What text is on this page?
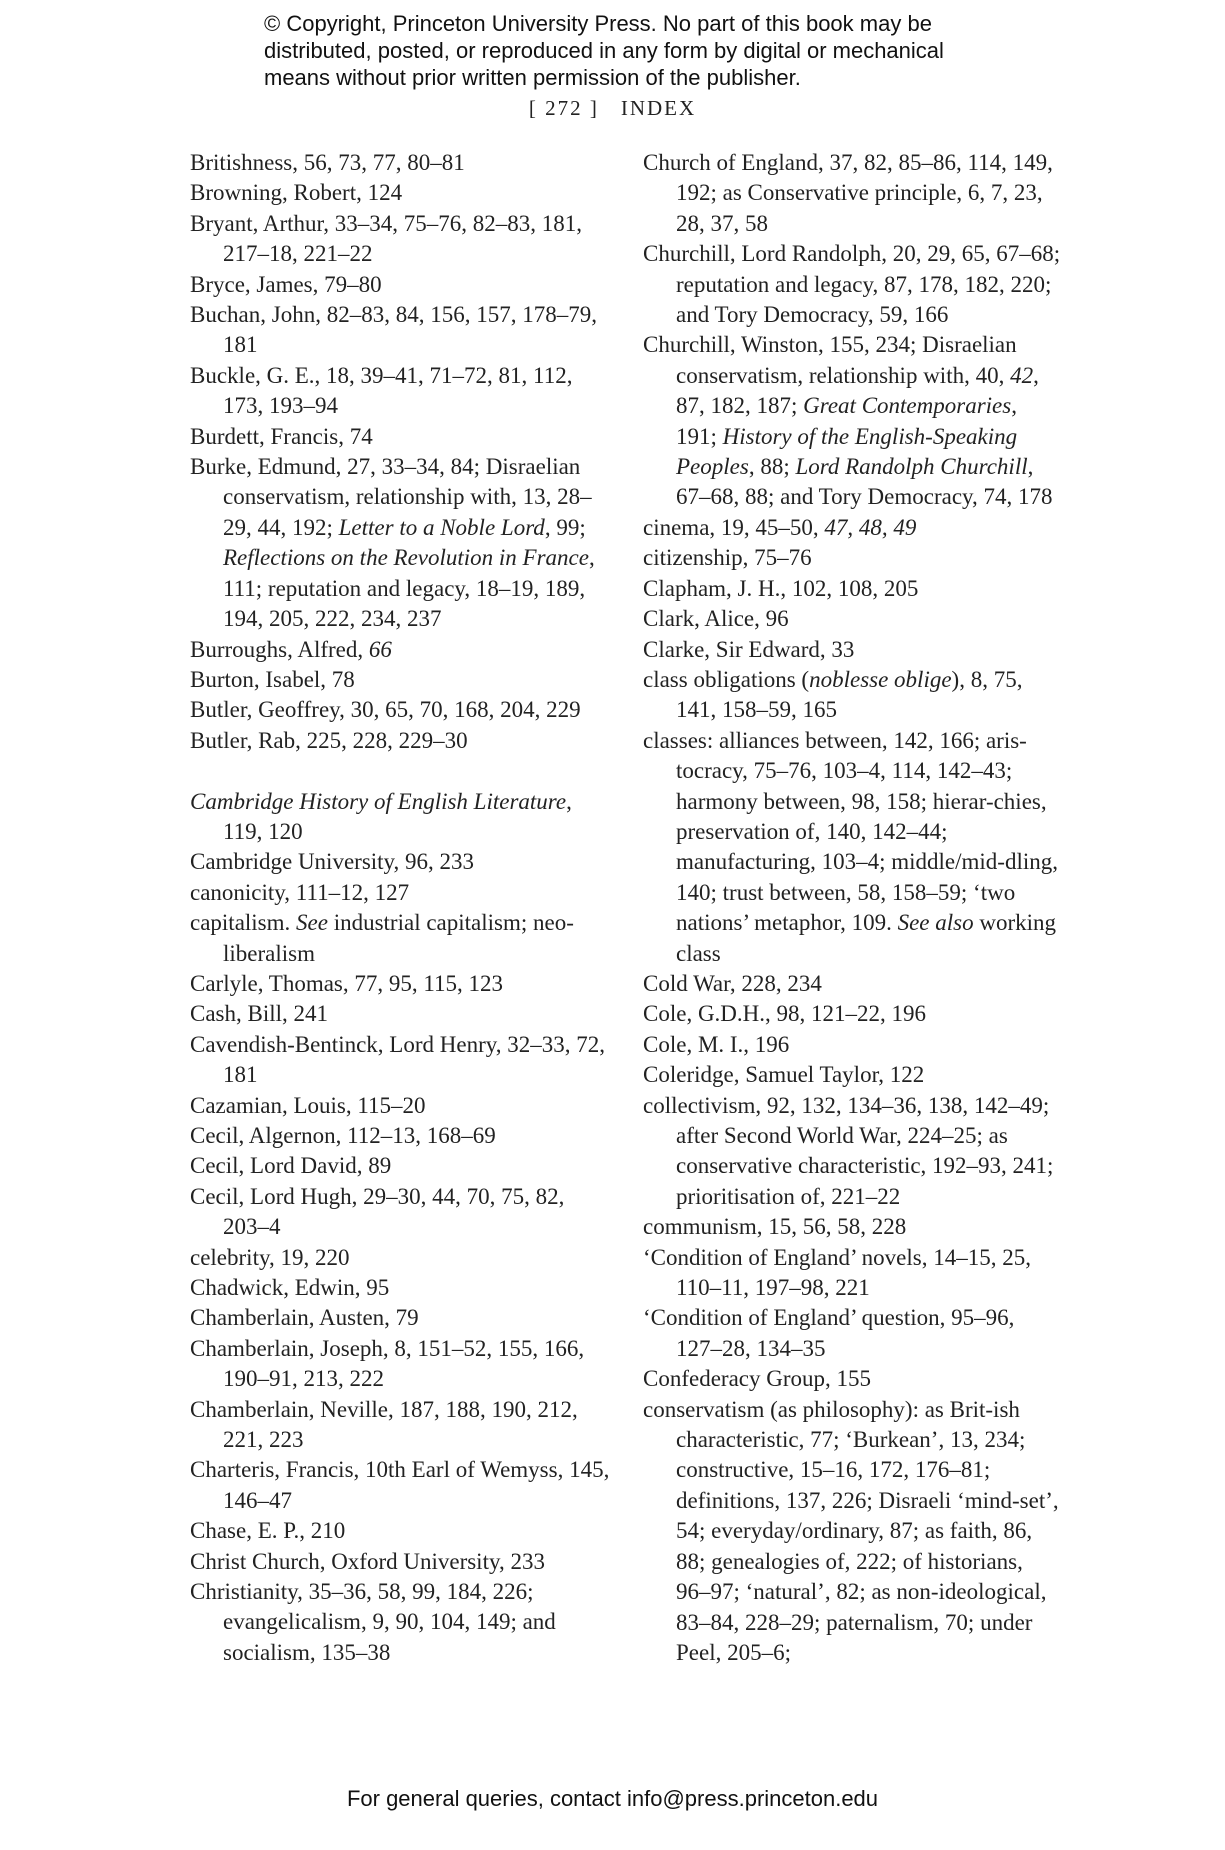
© Copyright, Princeton University Press. No part of this book may be
distributed, posted, or reproduced in any form by digital or mechanical
means without prior written permission of the publisher.
[ 272 ] INDEX

Britishness, 56, 73, 77, 80–81

Browning, Robert, 124

Bryant, Arthur, 33–34, 75–76, 82–83, 181, 217–18, 221–22

Bryce, James, 79–80

Buchan, John, 82–83, 84, 156, 157, 178–79, 181

Buckle, G. E., 18, 39–41, 71–72, 81, 112, 173, 193–94

Burdett, Francis, 74

Burke, Edmund, 27, 33–34, 84; Disraelian conservatism, relationship with, 13, 28–29, 44, 192; Letter to a Noble Lord, 99; Reflections on the Revolution in France, 111; reputation and legacy, 18–19, 189, 194, 205, 222, 234, 237

Burroughs, Alfred, 66

Burton, Isabel, 78

Butler, Geoffrey, 30, 65, 70, 168, 204, 229

Butler, Rab, 225, 228, 229–30

Cambridge History of English Literature, 119, 120

Cambridge University, 96, 233

canonicity, 111–12, 127

capitalism. See industrial capitalism; neo-liberalism

Carlyle, Thomas, 77, 95, 115, 123

Cash, Bill, 241

Cavendish-Bentinck, Lord Henry, 32–33, 72, 181

Cazamian, Louis, 115–20

Cecil, Algernon, 112–13, 168–69

Cecil, Lord David, 89

Cecil, Lord Hugh, 29–30, 44, 70, 75, 82, 203–4

celebrity, 19, 220

Chadwick, Edwin, 95

Chamberlain, Austen, 79

Chamberlain, Joseph, 8, 151–52, 155, 166, 190–91, 213, 222

Chamberlain, Neville, 187, 188, 190, 212, 221, 223

Charteris, Francis, 10th Earl of Wemyss, 145, 146–47

Chase, E. P., 210

Christ Church, Oxford University, 233

Christianity, 35–36, 58, 99, 184, 226; evangelicalism, 9, 90, 104, 149; and socialism, 135–38

Church of England, 37, 82, 85–86, 114, 149, 192; as Conservative principle, 6, 7, 23, 28, 37, 58

Churchill, Lord Randolph, 20, 29, 65, 67–68; reputation and legacy, 87, 178, 182, 220; and Tory Democracy, 59, 166

Churchill, Winston, 155, 234; Disraelian conservatism, relationship with, 40, 42, 87, 182, 187; Great Contemporaries, 191; History of the English-Speaking Peoples, 88; Lord Randolph Churchill, 67–68, 88; and Tory Democracy, 74, 178

cinema, 19, 45–50, 47, 48, 49

citizenship, 75–76

Clapham, J. H., 102, 108, 205

Clark, Alice, 96

Clarke, Sir Edward, 33

class obligations (noblesse oblige), 8, 75, 141, 158–59, 165

classes: alliances between, 142, 166; aris-tocracy, 75–76, 103–4, 114, 142–43; harmony between, 98, 158; hierar-chies, preservation of, 140, 142–44; manufacturing, 103–4; middle/mid-dling, 140; trust between, 58, 158–59; ‘two nations’ metaphor, 109. See also working class

Cold War, 228, 234

Cole, G.D.H., 98, 121–22, 196

Cole, M. I., 196

Coleridge, Samuel Taylor, 122

collectivism, 92, 132, 134–36, 138, 142–49; after Second World War, 224–25; as conservative characteristic, 192–93, 241; prioritisation of, 221–22

communism, 15, 56, 58, 228

‘Condition of England’ novels, 14–15, 25, 110–11, 197–98, 221

‘Condition of England’ question, 95–96, 127–28, 134–35

Confederacy Group, 155

conservatism (as philosophy): as Brit-ish characteristic, 77; ‘Burkean’, 13, 234; constructive, 15–16, 172, 176–81; definitions, 137, 226; Disraeli ‘mind-set’, 54; everyday/ordinary, 87; as faith, 86, 88; genealogies of, 222; of historians, 96–97; ‘natural’, 82; as non-ideological, 83–84, 228–29; paternalism, 70; under Peel, 205–6;

For general queries, contact info@press.princeton.edu
